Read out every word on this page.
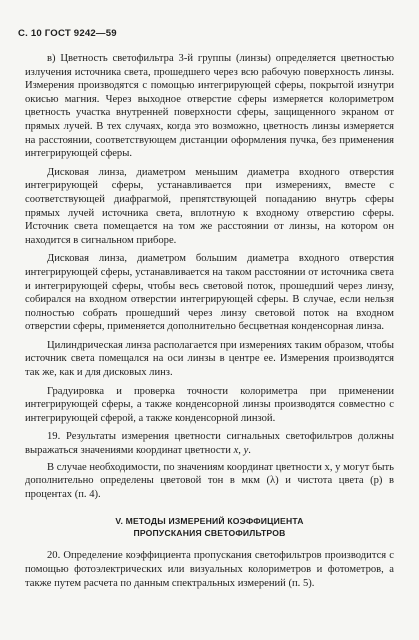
С. 10 ГОСТ 9242—59

в) Цветность светофильтра 3-й группы (линзы) определяется цветностью излучения источника света, прошедшего через всю рабочую поверхность линзы. Измерения производятся с помощью интегрирующей сферы, покрытой изнутри окисью магния. Через выходное отверстие сферы измеряется колориметром цветность участка внутренней поверхности сферы, защищенного экраном от прямых лучей. В тех случаях, когда это возможно, цветность линзы измеряется на расстоянии, соответствующем дистанции оформления пучка, без применения интегрирующей сферы.

Дисковая линза, диаметром меньшим диаметра входного отверстия интегрирующей сферы, устанавливается при измерениях, вместе с соответствующей диафрагмой, препятствующей попаданию внутрь сферы прямых лучей источника света, вплотную к входному отверстию сферы. Источник света помещается на том же расстоянии от линзы, на котором он находится в сигнальном приборе.

Дисковая линза, диаметром большим диаметра входного отверстия интегрирующей сферы, устанавливается на таком расстоянии от источника света и интегрирующей сферы, чтобы весь световой поток, прошедший через линзу, собирался на входном отверстии интегрирующей сферы. В случае, если нельзя полностью собрать прошедший через линзу световой поток на входном отверстии сферы, применяется дополнительно бесцветная конденсорная линза.

Цилиндрическая линза располагается при измерениях таким образом, чтобы источник света помещался на оси линзы в центре ее. Измерения производятся так же, как и для дисковых линз.

Градуировка и проверка точности колориметра при применении интегрирующей сферы, а также конденсорной линзы производятся совместно с интегрирующей сферой, а также конденсорной линзой.

19. Результаты измерения цветности сигнальных светофильтров должны выражаться значениями координат цветности x, y.

В случае необходимости, по значениям координат цветности x, y могут быть дополнительно определены цветовой тон в мкм (λ) и чистота цвета (p) в процентах (п. 4).

V. МЕТОДЫ ИЗМЕРЕНИЙ КОЭФФИЦИЕНТА
ПРОПУСКАНИЯ СВЕТОФИЛЬТРОВ

20. Определение коэффициента пропускания светофильтров производится с помощью фотоэлектрических или визуальных колориметров и фотометров, а также путем расчета по данным спектральных измерений (п. 5).
